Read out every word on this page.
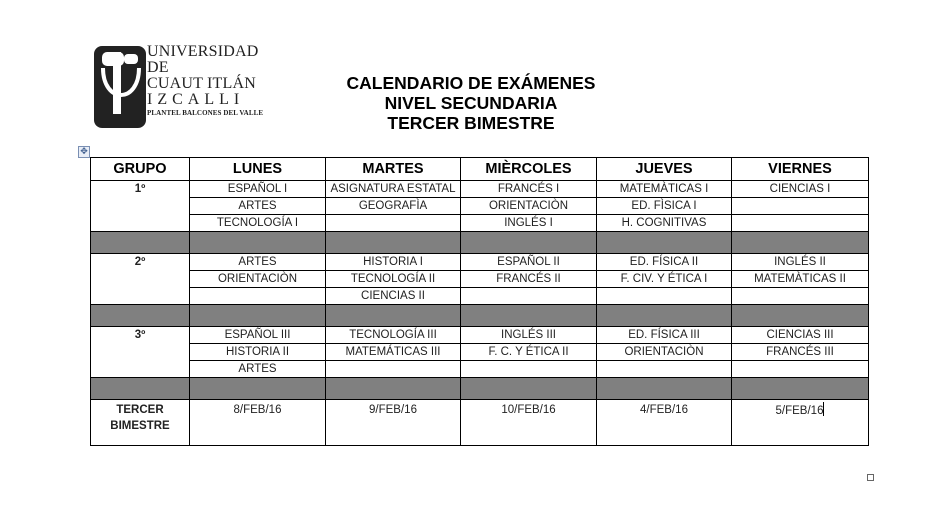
UNIVERSIDAD
DE
CUAUT ITLÁN
IZCALLI
PLANTEL BALCONES DEL VALLE
CALENDARIO DE EXÁMENES
NIVEL SECUNDARIA
TERCER BIMESTRE
✥
GRUPO	LUNES	MARTES	MIÈRCOLES	JUEVES	VIERNES
1º	ESPAÑOL I	ASIGNATURA ESTATAL	FRANCÉS I	MATEMÀTICAS I	CIENCIAS I
	ARTES	GEOGRAFÌA	ORIENTACIÒN	ED. FÌSICA I	
	TECNOLOGÍA I		INGLÉS I	H. COGNITIVAS	

2º	ARTES	HISTORIA I	ESPAÑOL II	ED. FÍSICA II	INGLÉS II
	ORIENTACIÒN	TECNOLOGÍA II	FRANCÉS II	F. CIV. Y ÉTICA I	MATEMÀTICAS II
		CIENCIAS II			

3º	ESPAÑOL III	TECNOLOGÍA III	INGLÉS III	ED. FÍSICA III	CIENCIAS III
	HISTORIA II	MATEMÁTICAS III	F. C. Y ÉTICA II	ORIENTACIÒN	FRANCÉS III
	ARTES				

TERCER
BIMESTRE	8/FEB/16	9/FEB/16	10/FEB/16	4/FEB/16	5/FEB/16
